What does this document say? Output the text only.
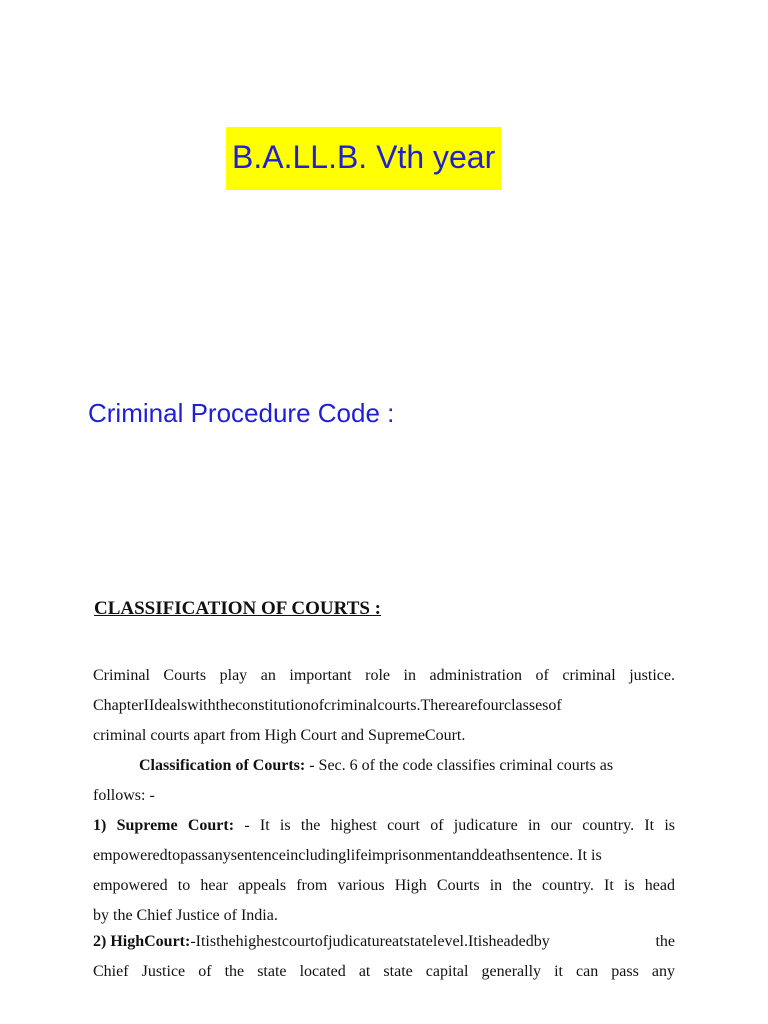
B.A.LL.B. Vth year
Criminal Procedure Code :
CLASSIFICATION OF COURTS :
Criminal Courts play an important role in administration of criminal justice.
ChapterIIdealswiththeconstitutionofcriminalcourts.Therearefourclassesof
criminal courts apart from High Court and SupremeCourt.
Classification of Courts: - Sec. 6 of the code classifies criminal courts as
follows: -
1) Supreme Court: - It is the highest court of judicature in our country. It is
empoweredtopassanysentenceincludinglifeimprisonmentanddeathsentence. It is
empowered to hear appeals from various High Courts in the country. It is head
by the Chief Justice of India.
2) HighCourt:-Itisthehighestcourtofjudicatureatstatelevel.Itisheadedby	the
Chief Justice of the state located at state capital generally it can pass any
